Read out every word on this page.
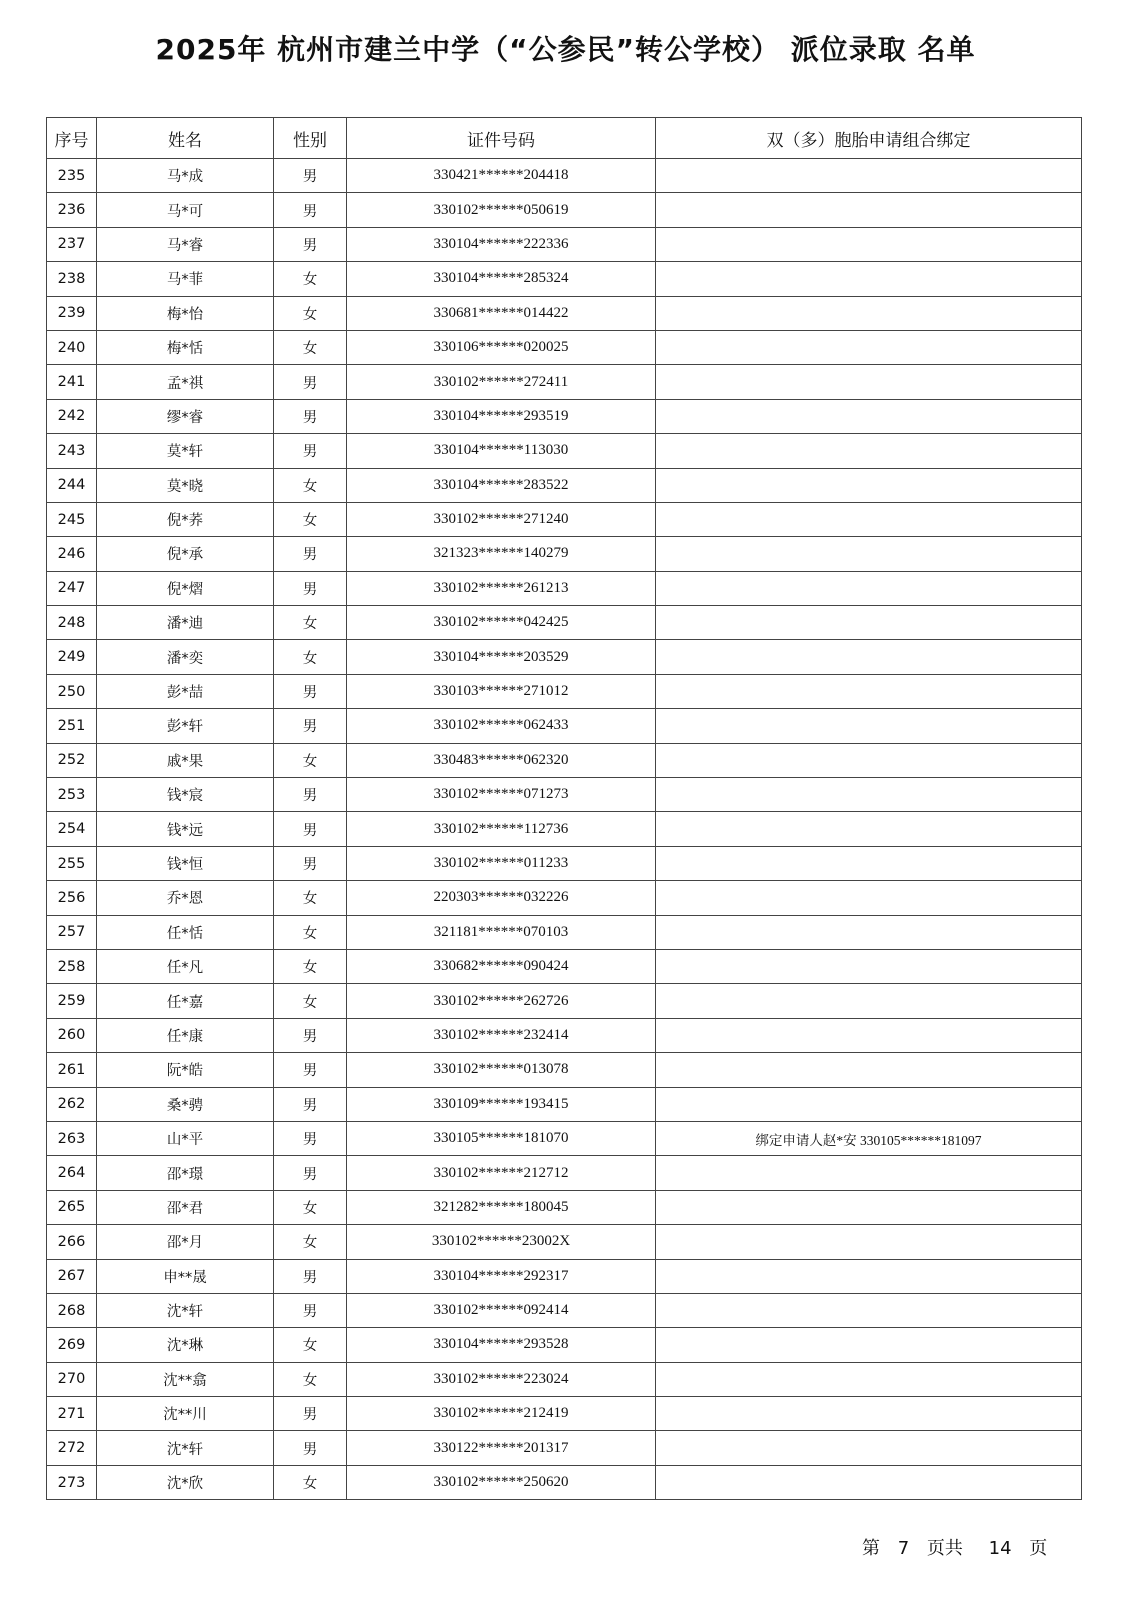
2025年 杭州市建兰中学（“公参民”转公学校） 派位录取 名单
序号	姓名	性别	证件号码	双（多）胞胎申请组合绑定
235	马*成	男	330421******204418	
236	马*可	男	330102******050619	
237	马*睿	男	330104******222336	
238	马*菲	女	330104******285324	
239	梅*怡	女	330681******014422	
240	梅*恬	女	330106******020025	
241	孟*祺	男	330102******272411	
242	缪*睿	男	330104******293519	
243	莫*轩	男	330104******113030	
244	莫*晓	女	330104******283522	
245	倪*荞	女	330102******271240	
246	倪*承	男	321323******140279	
247	倪*熠	男	330102******261213	
248	潘*迪	女	330102******042425	
249	潘*奕	女	330104******203529	
250	彭*喆	男	330103******271012	
251	彭*轩	男	330102******062433	
252	戚*果	女	330483******062320	
253	钱*宸	男	330102******071273	
254	钱*远	男	330102******112736	
255	钱*恒	男	330102******011233	
256	乔*恩	女	220303******032226	
257	任*恬	女	321181******070103	
258	任*凡	女	330682******090424	
259	任*嘉	女	330102******262726	
260	任*康	男	330102******232414	
261	阮*皓	男	330102******013078	
262	桑*骋	男	330109******193415	
263	山*平	男	330105******181070	绑定申请人赵*安 330105******181097
264	邵*璟	男	330102******212712	
265	邵*君	女	321282******180045	
266	邵*月	女	330102******23002X	
267	申**晟	男	330104******292317	
268	沈*轩	男	330102******092414	
269	沈*琳	女	330104******293528	
270	沈**翕	女	330102******223024	
271	沈**川	男	330102******212419	
272	沈*轩	男	330122******201317	
273	沈*欣	女	330102******250620	
第 7 页共 14 页
